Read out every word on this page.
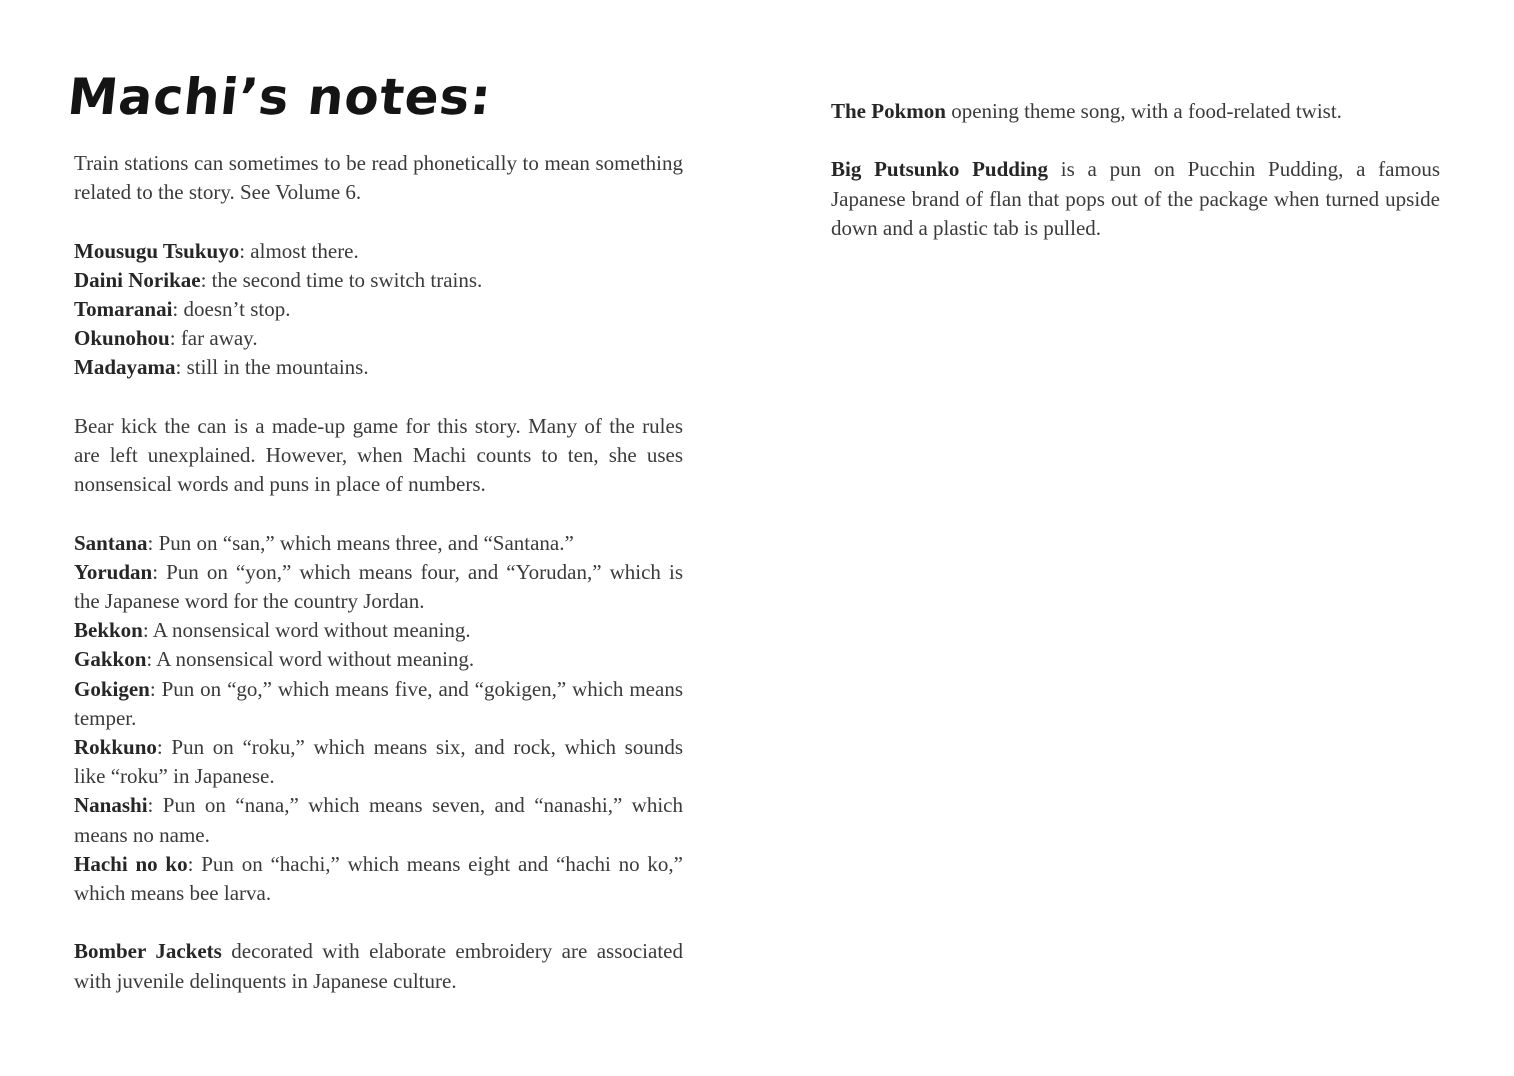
Machi’s notes:

Train stations can sometimes to be read phonetically to mean something related to the story. See Volume 6.

Mousugu Tsukuyo: almost there.

Daini Norikae: the second time to switch trains.

Tomaranai: doesn’t stop.

Okunohou: far away.

Madayama: still in the mountains.

Bear kick the can is a made-up game for this story. Many of the rules are left unexplained. However, when Machi counts to ten, she uses nonsensical words and puns in place of numbers.

Santana: Pun on “san,” which means three, and “Santana.”

Yorudan: Pun on “yon,” which means four, and “Yorudan,” which is the Japanese word for the country Jordan.

Bekkon: A nonsensical word without meaning.

Gakkon: A nonsensical word without meaning.

Gokigen: Pun on “go,” which means five, and “gokigen,” which means temper.

Rokkuno: Pun on “roku,” which means six, and rock, which sounds like “roku” in Japanese.

Nanashi: Pun on “nana,” which means seven, and “nanashi,” which means no name.

Hachi no ko: Pun on “hachi,” which means eight and “hachi no ko,” which means bee larva.

Bomber Jackets decorated with elaborate embroidery are associated with juvenile delinquents in Japanese culture.

The Pokmon opening theme song, with a food-related twist.

Big Putsunko Pudding is a pun on Pucchin Pudding, a famous Japanese brand of flan that pops out of the package when turned upside down and a plastic tab is pulled.
